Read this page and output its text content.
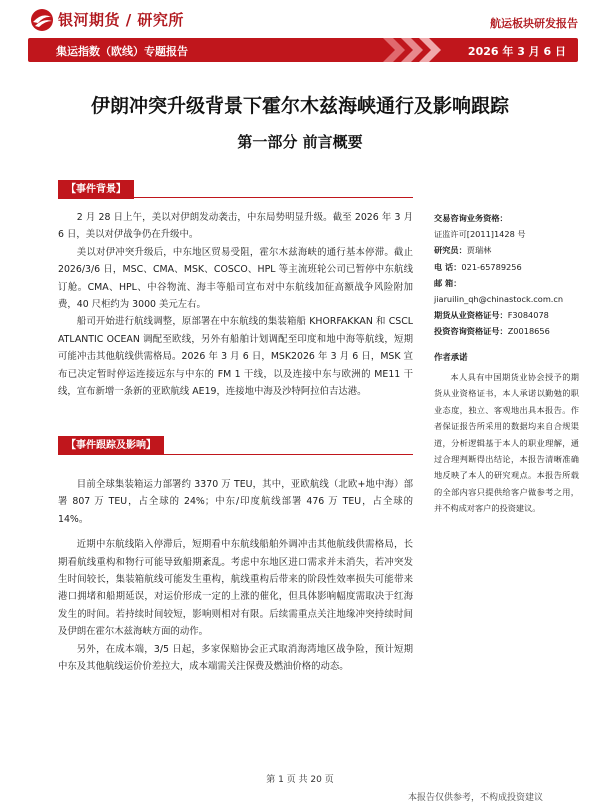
银河期货 / 研究所	航运板块研发报告
集运指数（欧线）专题报告	2026 年 3 月 6 日
伊朗冲突升级背景下霍尔木兹海峡通行及影响跟踪
第一部分 前言概要
【事件背景】

2 月 28 日上午，美以对伊朗发动袭击，中东局势明显升级。截至 2026 年 3 月 6 日，美以对伊战争仍在升级中。

美以对伊冲突升级后，中东地区贸易受阻，霍尔木兹海峡的通行基本停滞。截止 2026/3/6 日，MSC、CMA、MSK、COSCO、HPL 等主流班轮公司已暂停中东航线订舱。CMA、HPL、中谷物流、海丰等船司宣布对中东航线加征高额战争风险附加费，40 尺柜约为 3000 美元左右。

船司开始进行航线调整，原部署在中东航线的集装箱船 KHORFAKKAN 和 CSCL ATLANTIC OCEAN 调配至欧线，另外有船舶计划调配至印度和地中海等航线，短期可能冲击其他航线供需格局。2026 年 3 月 6 日，MSK2026 年 3 月 6 日，MSK 宣布已决定暂时停运连接远东与中东的 FM 1 干线，以及连接中东与欧洲的 ME11 干线，宣布新增一条新的亚欧航线 AE19，连接地中海及沙特阿拉伯吉达港。

【事件跟踪及影响】

目前全球集装箱运力部署约 3370 万 TEU，其中，亚欧航线（北欧+地中海）部署 807 万 TEU，占全球的 24%；中东/印度航线部署 476 万 TEU，占全球的 14%。

近期中东航线陷入停滞后，短期看中东航线船舶外调冲击其他航线供需格局，长期看航线重构和物行可能导致船期紊乱。考虑中东地区进口需求并未消失，若冲突发生时间较长，集装箱航线可能发生重构，航线重构后带来的阶段性效率损失可能带来港口拥堵和船期延误，对运价形成一定的上涨的催化，但具体影响幅度需取决于红海发生的时间。若持续时间较短，影响则相对有限。后续需重点关注地缘冲突持续时间及伊朗在霍尔木兹海峡方面的动作。

另外，在成本端，3/5 日起，多家保赔协会正式取消海湾地区战争险，预计短期中东及其他航线运价价差拉大，成本端需关注保费及燃油价格的动态。

交易咨询业务资格：
证监许可[2011]1428 号
研究员：贾瑞林
电 话：021-65789256
邮 箱：
jiaruilin_qh@chinastock.com.cn
期货从业资格证号：F3084078
投资咨询资格证号：Z0018656
作者承诺
本人具有中国期货业协会授予的期货从业资格证书，本人承诺以勤勉的职业态度，独立、客观地出具本报告。作者保证报告所采用的数据均来自合规渠道，分析逻辑基于本人的职业理解，通过合理判断得出结论，本报告清晰准确地反映了本人的研究观点。本报告所载的全部内容只提供给客户做参考之用，并不构成对客户的投资建议。
第 1 页 共 20 页
本报告仅供参考，不构成投资建议
